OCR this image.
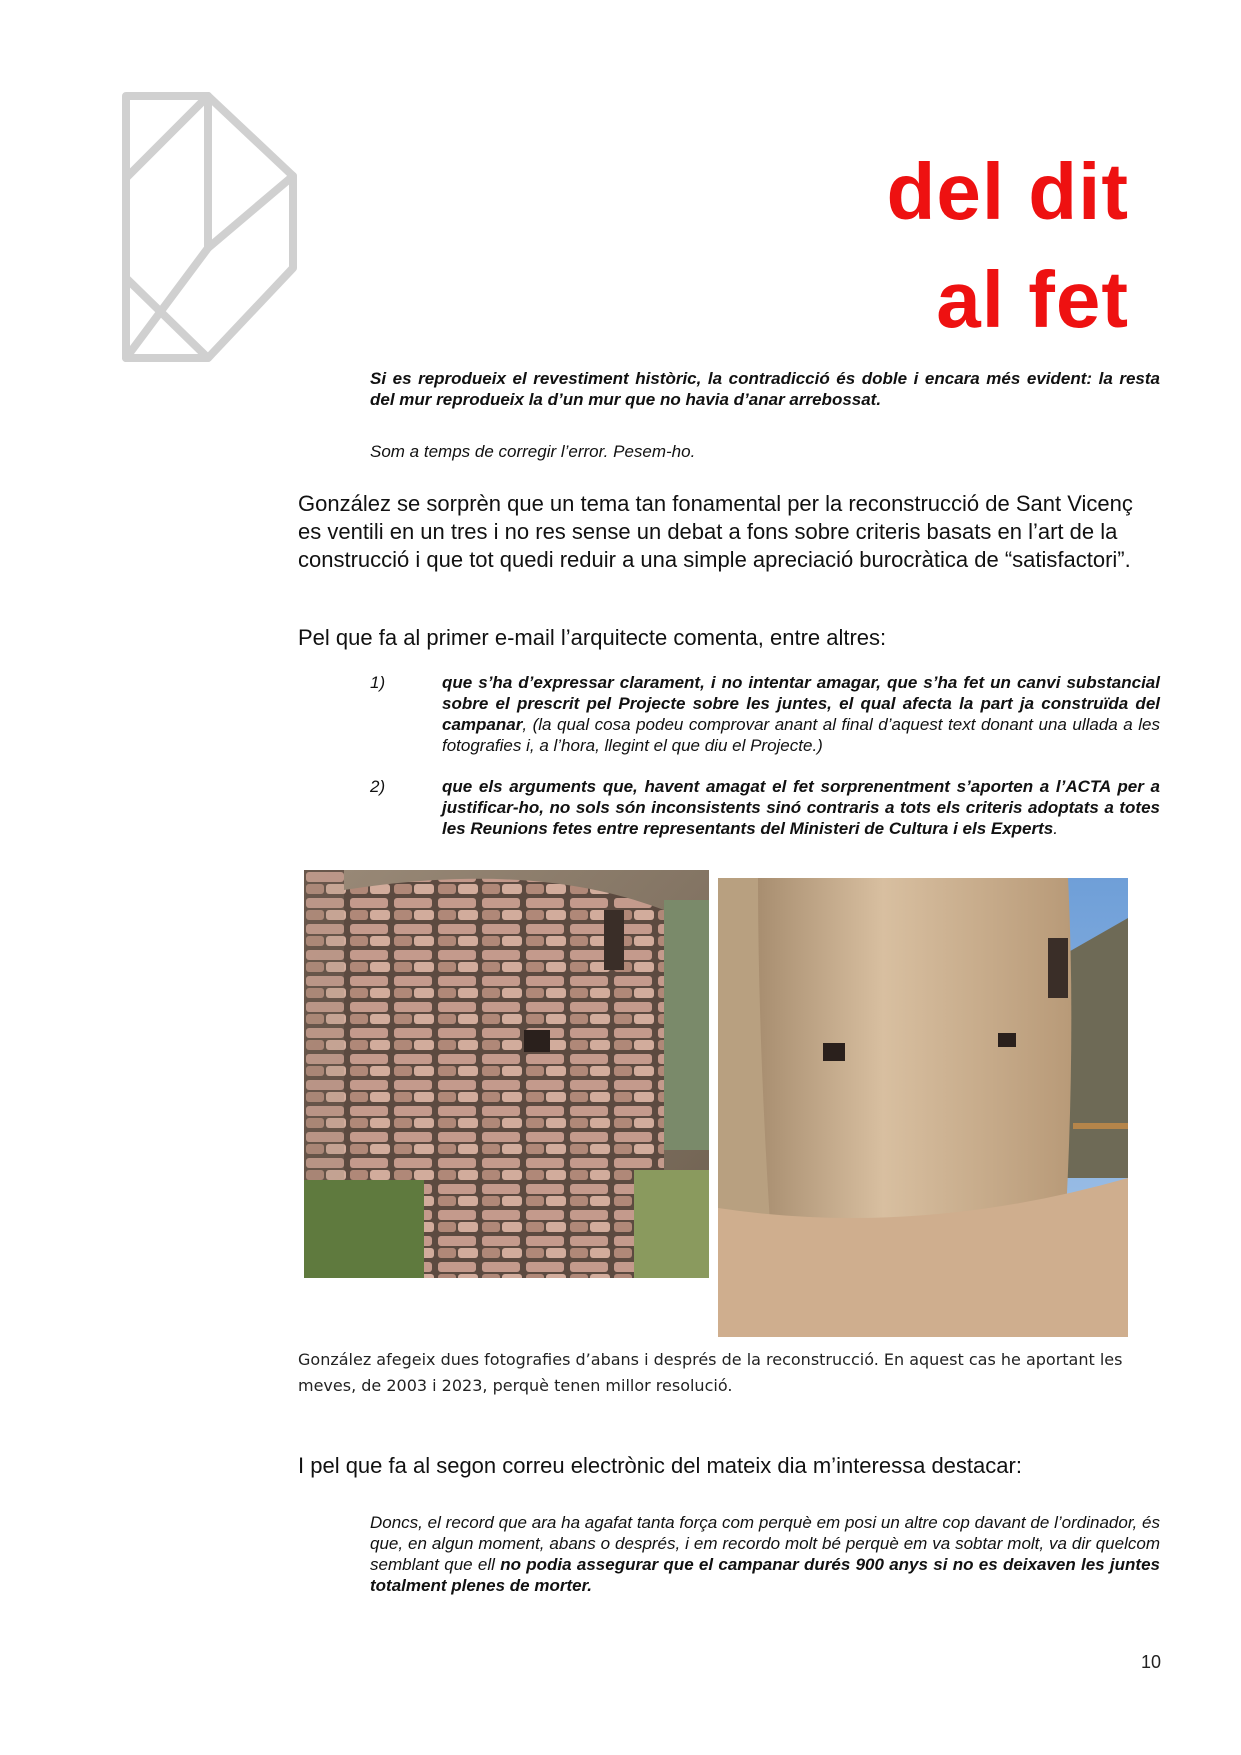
del dit
al fet
Si es reprodueix el revestiment històric, la contradicció és doble i encara més evident: la resta del mur reprodueix la d’un mur que no havia d’anar arrebossat.
Som a temps de corregir l’error. Pesem-ho.
González se sorprèn que un tema tan fonamental per la reconstrucció de Sant Vicenç es ventili en un tres i no res sense un debat a fons sobre criteris basats en l’art de la construcció i que tot quedi reduir a una simple apreciació burocràtica de “satisfactori”.
Pel que fa al primer e-mail l’arquitecte comenta, entre altres:
1)	que s’ha d’expressar clarament, i no intentar amagar, que s’ha fet un canvi substancial sobre el prescrit pel Projecte sobre les juntes, el qual afecta la part ja construïda del campanar, (la qual cosa podeu comprovar anant al final d’aquest text donant una ullada a les fotografies i, a l’hora, llegint el que diu el Projecte.)
2)	que els arguments que, havent amagat el fet sorprenentment s’aporten a l’ACTA per a justificar-ho, no sols són inconsistents sinó contraris a tots els criteris adoptats a totes les Reunions fetes entre representants del Ministeri de Cultura i els Experts.
González afegeix dues fotografies d’abans i després de la reconstrucció. En aquest cas he aportant les meves, de 2003 i 2023, perquè tenen millor resolució.
I pel que fa al segon correu electrònic del mateix dia m’interessa destacar:
Doncs, el record que ara ha agafat tanta força com perquè em posi un altre cop davant de l’ordinador, és que, en algun moment, abans o després, i em recordo molt bé perquè em va sobtar molt, va dir quelcom semblant que ell no podia assegurar que el campanar durés 900 anys si no es deixaven les juntes totalment plenes de morter.
10
